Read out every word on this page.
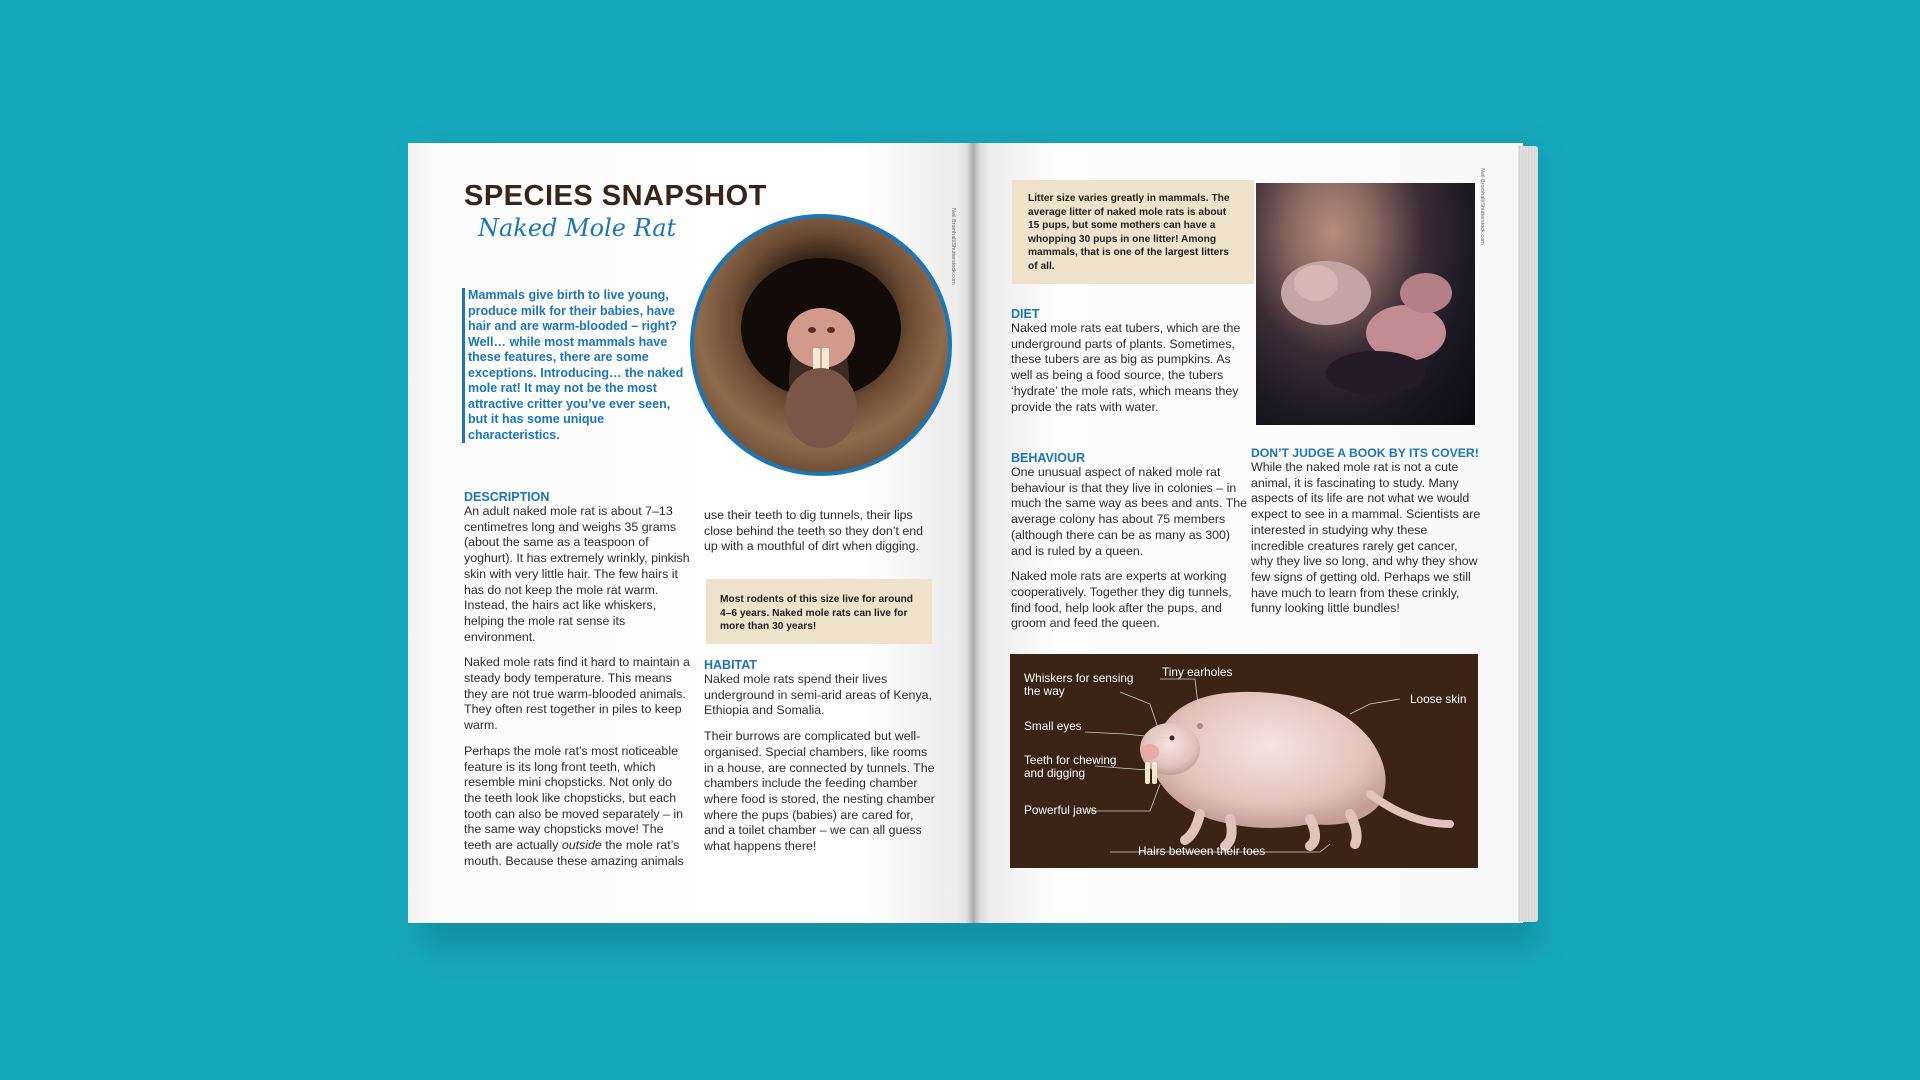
SPECIES SNAPSHOT
Naked Mole Rat

Mammals give birth to live young, produce milk for their babies, have hair and are warm-blooded – right? Well… while most mammals have these features, there are some exceptions. Introducing… the naked mole rat! It may not be the most attractive critter you’ve ever seen, but it has some unique characteristics.

Neil Bromhall/Shutterstock.com

DESCRIPTION

An adult naked mole rat is about 7–13 centimetres long and weighs 35 grams (about the same as a teaspoon of yoghurt). It has extremely wrinkly, pinkish skin with very little hair. The few hairs it has do not keep the mole rat warm. Instead, the hairs act like whiskers, helping the mole rat sense its environment.

Naked mole rats find it hard to maintain a steady body temperature. This means they are not true warm-blooded animals. They often rest together in piles to keep warm.

Perhaps the mole rat’s most noticeable feature is its long front teeth, which resemble mini chopsticks. Not only do the teeth look like chopsticks, but each tooth can also be moved separately – in the same way chopsticks move! The teeth are actually outside the mole rat’s mouth. Because these amazing animals

use their teeth to dig tunnels, their lips close behind the teeth so they don’t end up with a mouthful of dirt when digging.

Most rodents of this size live for around 4–6 years. Naked mole rats can live for more than 30 years!

HABITAT

Naked mole rats spend their lives underground in semi-arid areas of Kenya, Ethiopia and Somalia.

Their burrows are complicated but well-organised. Special chambers, like rooms in a house, are connected by tunnels. The chambers include the feeding chamber where food is stored, the nesting chamber where the pups (babies) are cared for, and a toilet chamber – we can all guess what happens there!

Litter size varies greatly in mammals. The average litter of naked mole rats is about 15 pups, but some mothers can have a whopping 30 pups in one litter! Among mammals, that is one of the largest litters of all.
Neil Bromhall/Shutterstock.com

DIET

Naked mole rats eat tubers, which are the underground parts of plants. Sometimes, these tubers are as big as pumpkins. As well as being a food source, the tubers ‘hydrate’ the mole rats, which means they provide the rats with water.

BEHAVIOUR

One unusual aspect of naked mole rat behaviour is that they live in colonies – in much the same way as bees and ants. The average colony has about 75 members (although there can be as many as 300) and is ruled by a queen.

Naked mole rats are experts at working cooperatively. Together they dig tunnels, find food, help look after the pups, and groom and feed the queen.

DON’T JUDGE A BOOK BY ITS COVER!

While the naked mole rat is not a cute animal, it is fascinating to study. Many aspects of its life are not what we would expect to see in a mammal. Scientists are interested in studying why these incredible creatures rarely get cancer, why they live so long, and why they show few signs of getting old. Perhaps we still have much to learn from these crinkly, funny looking little bundles!

Whiskers for sensing the way
Tiny earholes
Loose skin
Small eyes
Teeth for chewing and digging
Powerful jaws
Hairs between their toes
